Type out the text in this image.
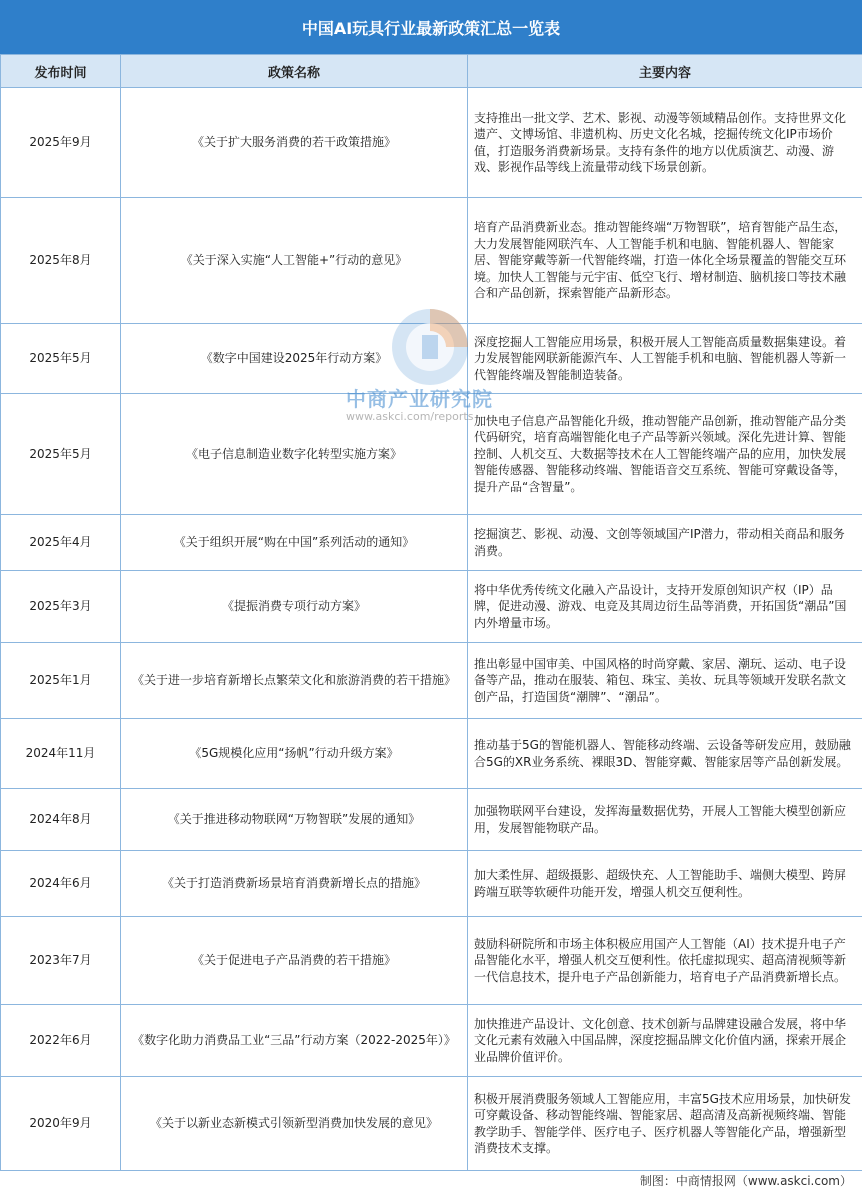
中国AI玩具行业最新政策汇总一览表
发布时间	政策名称	主要内容
2025年9月	《关于扩大服务消费的若干政策措施》	支持推出一批文学、艺术、影视、动漫等领域精品创作。支持世界文化遗产、文博场馆、非遗机构、历史文化名城，挖掘传统文化IP市场价值，打造服务消费新场景。支持有条件的地方以优质演艺、动漫、游戏、影视作品等线上流量带动线下场景创新。
2025年8月	《关于深入实施“人工智能+”行动的意见》	培育产品消费新业态。推动智能终端“万物智联”，培育智能产品生态，大力发展智能网联汽车、人工智能手机和电脑、智能机器人、智能家居、智能穿戴等新一代智能终端，打造一体化全场景覆盖的智能交互环境。加快人工智能与元宇宙、低空飞行、增材制造、脑机接口等技术融合和产品创新，探索智能产品新形态。
2025年5月	《数字中国建设2025年行动方案》	深度挖掘人工智能应用场景，积极开展人工智能高质量数据集建设。着力发展智能网联新能源汽车、人工智能手机和电脑、智能机器人等新一代智能终端及智能制造装备。
2025年5月	《电子信息制造业数字化转型实施方案》	加快电子信息产品智能化升级，推动智能产品创新，推动智能产品分类代码研究，培育高端智能化电子产品等新兴领域。深化先进计算、智能控制、人机交互、大数据等技术在人工智能终端产品的应用，加快发展智能传感器、智能移动终端、智能语音交互系统、智能可穿戴设备等，提升产品“含智量”。
2025年4月	《关于组织开展“购在中国”系列活动的通知》	挖掘演艺、影视、动漫、文创等领域国产IP潜力，带动相关商品和服务消费。
2025年3月	《提振消费专项行动方案》	将中华优秀传统文化融入产品设计，支持开发原创知识产权（IP）品牌，促进动漫、游戏、电竞及其周边衍生品等消费，开拓国货“潮品”国内外增量市场。
2025年1月	《关于进一步培育新增长点繁荣文化和旅游消费的若干措施》	推出彰显中国审美、中国风格的时尚穿戴、家居、潮玩、运动、电子设备等产品，推动在服装、箱包、珠宝、美妆、玩具等领域开发联名款文创产品，打造国货“潮牌”、“潮品”。
2024年11月	《5G规模化应用“扬帆”行动升级方案》	推动基于5G的智能机器人、智能移动终端、云设备等研发应用，鼓励融合5G的XR业务系统、裸眼3D、智能穿戴、智能家居等产品创新发展。
2024年8月	《关于推进移动物联网“万物智联”发展的通知》	加强物联网平台建设，发挥海量数据优势，开展人工智能大模型创新应用，发展智能物联产品。
2024年6月	《关于打造消费新场景培育消费新增长点的措施》	加大柔性屏、超级摄影、超级快充、人工智能助手、端侧大模型、跨屏跨端互联等软硬件功能开发，增强人机交互便利性。
2023年7月	《关于促进电子产品消费的若干措施》	鼓励科研院所和市场主体积极应用国产人工智能（AI）技术提升电子产品智能化水平，增强人机交互便利性。依托虚拟现实、超高清视频等新一代信息技术，提升电子产品创新能力，培育电子产品消费新增长点。
2022年6月	《数字化助力消费品工业“三品”行动方案（2022-2025年）》	加快推进产品设计、文化创意、技术创新与品牌建设融合发展，将中华文化元素有效融入中国品牌，深度挖掘品牌文化价值内涵，探索开展企业品牌价值评价。
2020年9月	《关于以新业态新模式引领新型消费加快发展的意见》	积极开展消费服务领域人工智能应用，丰富5G技术应用场景，加快研发可穿戴设备、移动智能终端、智能家居、超高清及高新视频终端、智能教学助手、智能学伴、医疗电子、医疗机器人等智能化产品，增强新型消费技术支撑。
中商产业研究院
www.askci.com/reports
制图：中商情报网（www.askci.com）
